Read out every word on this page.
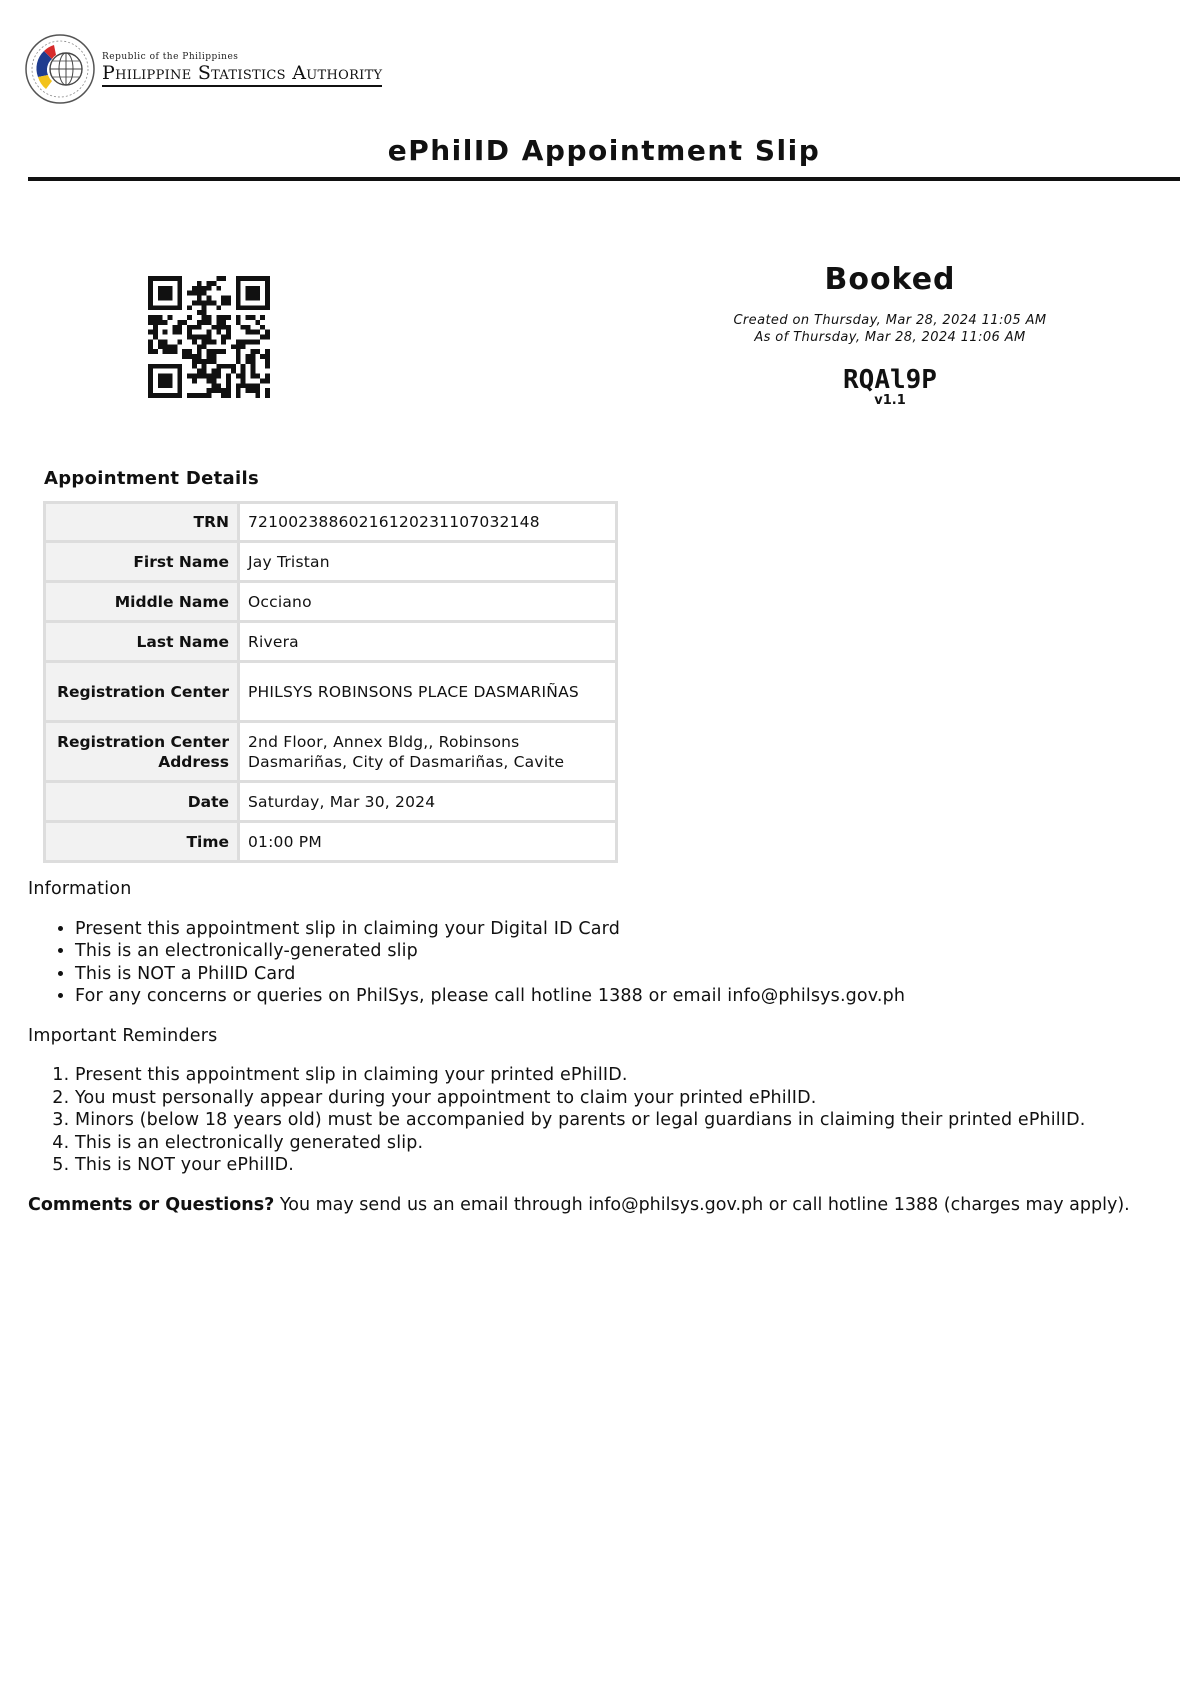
Republic of the Philippines
Philippine Statistics Authority
ePhilID Appointment Slip
Booked
Created on Thursday, Mar 28, 2024 11:05 AM
As of Thursday, Mar 28, 2024 11:06 AM
RQAl9P
v1.1
Appointment Details
TRN	7210023886021612023110703214​8
First Name	Jay Tristan
Middle Name	Occiano
Last Name	Rivera
Registration Center	PHILSYS ROBINSONS PLACE DASMARIÑAS
Registration Center Address	2nd Floor, Annex Bldg,, Robinsons Dasmariñas, City of Dasmariñas, Cavite
Date	Saturday, Mar 30, 2024
Time	01:00 PM

Information

• Present this appointment slip in claiming your Digital ID Card
• This is an electronically-generated slip
• This is NOT a PhilID Card
• For any concerns or queries on PhilSys, please call hotline 1388 or email info@philsys.gov.ph

Important Reminders

1. Present this appointment slip in claiming your printed ePhilID.
2. You must personally appear during your appointment to claim your printed ePhilID.
3. Minors (below 18 years old) must be accompanied by parents or legal guardians in claiming their printed ePhilID.
4. This is an electronically generated slip.
5. This is NOT your ePhilID.

Comments or Questions? You may send us an email through info@philsys.gov.ph or call hotline 1388 (charges may apply).
